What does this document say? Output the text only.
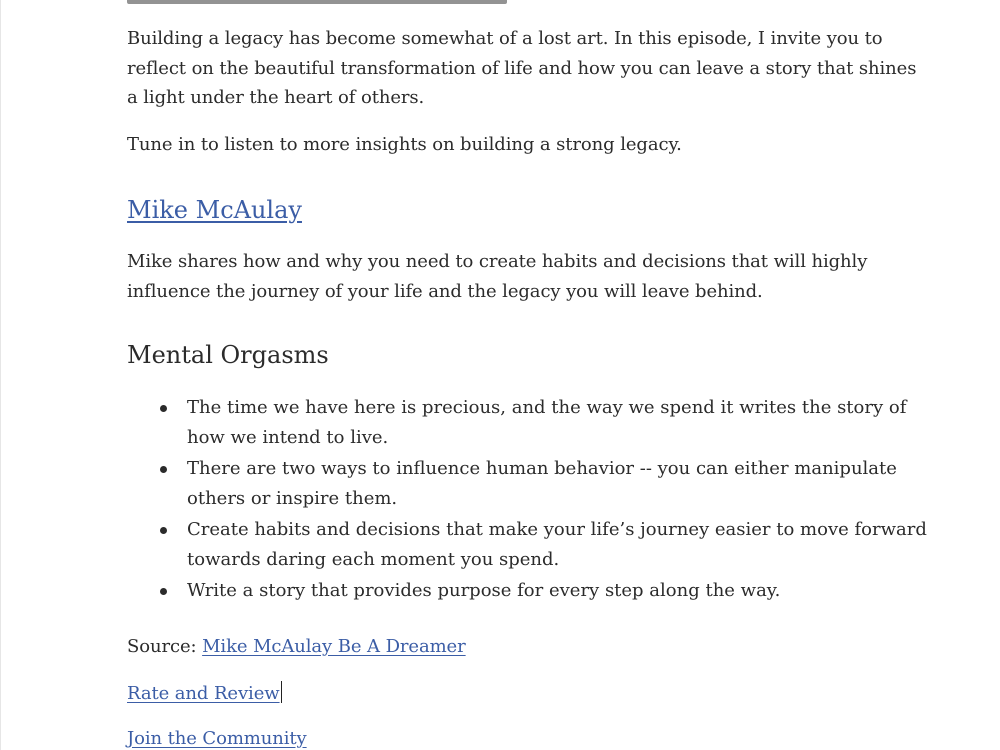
Building a legacy has become somewhat of a lost art. In this episode, I invite you to reflect on the beautiful transformation of life and how you can leave a story that shines a light under the heart of others.

Tune in to listen to more insights on building a strong legacy.

Mike McAulay

Mike shares how and why you need to create habits and decisions that will highly influence the journey of your life and the legacy you will leave behind.

Mental Orgasms
The time we have here is precious, and the way we spend it writes the story of how we intend to live.
There are two ways to influence human behavior -- you can either manipulate others or inspire them.
Create habits and decisions that make your life’s journey easier to move forward towards daring each moment you spend.
Write a story that provides purpose for every step along the way.

Source: Mike McAulay Be A Dreamer

Rate and Review

Join the Community
